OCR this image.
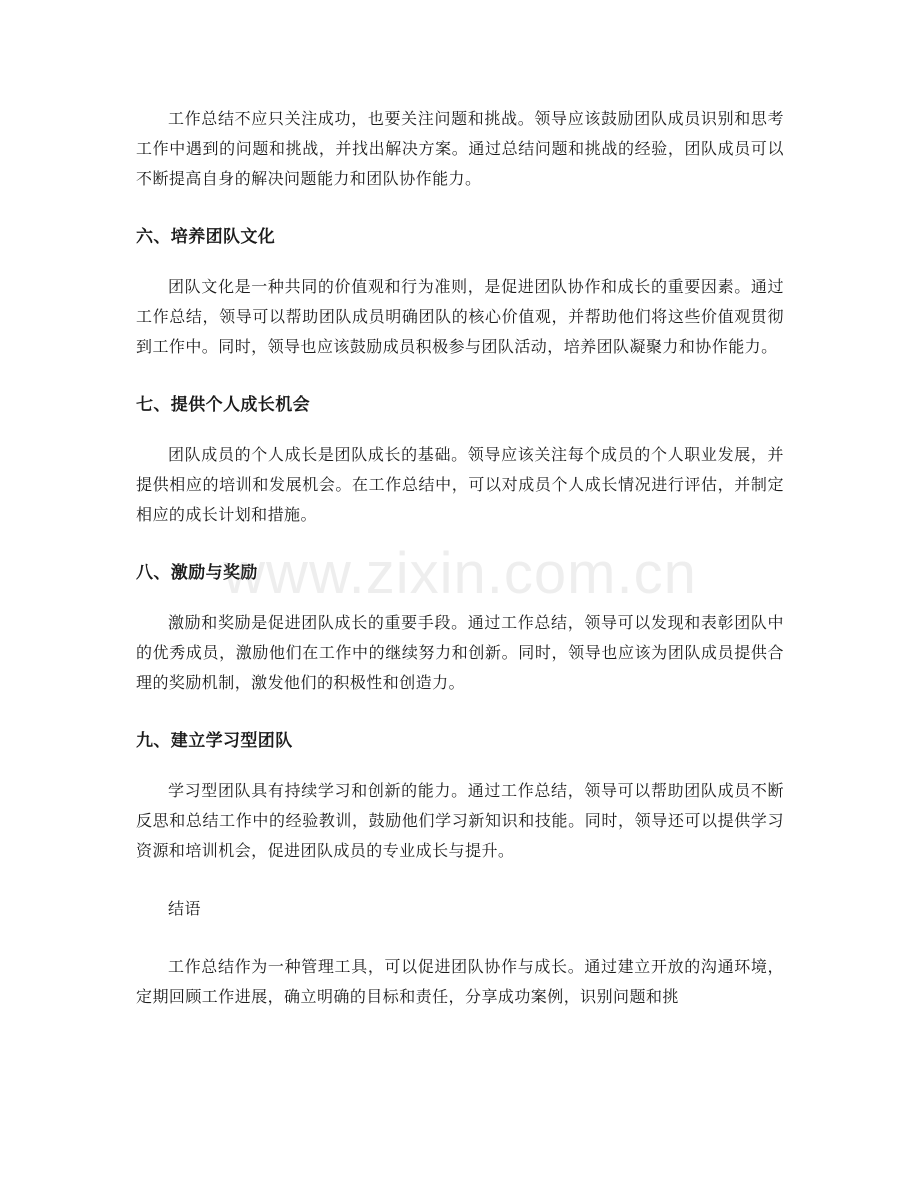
工作总结不应只关注成功，也要关注问题和挑战。领导应该鼓励团队成员识别和思考工作中遇到的问题和挑战，并找出解决方案。通过总结问题和挑战的经验，团队成员可以不断提高自身的解决问题能力和团队协作能力。

六、培养团队文化

团队文化是一种共同的价值观和行为准则，是促进团队协作和成长的重要因素。通过工作总结，领导可以帮助团队成员明确团队的核心价值观，并帮助他们将这些价值观贯彻到工作中。同时，领导也应该鼓励成员积极参与团队活动，培养团队凝聚力和协作能力。

七、提供个人成长机会

团队成员的个人成长是团队成长的基础。领导应该关注每个成员的个人职业发展，并提供相应的培训和发展机会。在工作总结中，可以对成员个人成长情况进行评估，并制定相应的成长计划和措施。

八、激励与奖励

激励和奖励是促进团队成长的重要手段。通过工作总结，领导可以发现和表彰团队中的优秀成员，激励他们在工作中的继续努力和创新。同时，领导也应该为团队成员提供合理的奖励机制，激发他们的积极性和创造力。

九、建立学习型团队

学习型团队具有持续学习和创新的能力。通过工作总结，领导可以帮助团队成员不断反思和总结工作中的经验教训，鼓励他们学习新知识和技能。同时，领导还可以提供学习资源和培训机会，促进团队成员的专业成长与提升。

结语

工作总结作为一种管理工具，可以促进团队协作与成长。通过建立开放的沟通环境，定期回顾工作进展，确立明确的目标和责任，分享成功案例，识别问题和挑

www.zixin.com.cn
